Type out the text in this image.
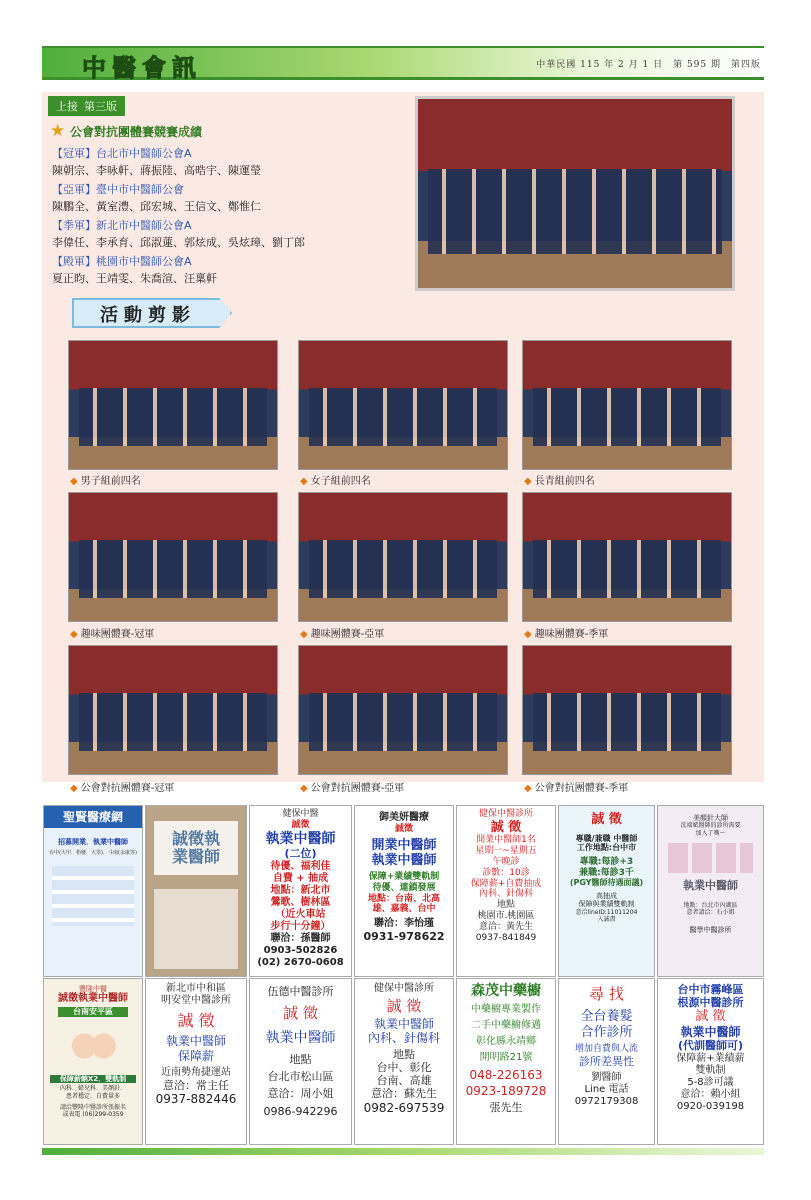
中醫會訊	中華民國 115 年 2 月 1 日　第 595 期　第四版
上接 第三版
★ 公會對抗團體賽競賽成績
【冠軍】台北市中醫師公會A
陳朝宗、李咏軒、蔣振陸、高晧宇、陳運瑩
【亞軍】臺中市中醫師公會
陳鵬全、黃室澧、邱宏城、王信文、鄭惟仁
【季軍】新北市中醫師公會A
李偉任、李承育、邱淑蓮、郭炫成、吳炫璋、劉丁郎
【殿軍】桃園市中醫師公會A
夏正昀、王靖雯、朱喬渲、汪稟軒
活動剪影
◆ 男子組前四名	◆ 女子組前四名	◆ 長青組前四名
◆ 趣味團體賽-冠軍	◆ 趣味團體賽-亞軍	◆ 趣味團體賽-季軍
◆ 公會對抗團體賽-冠軍	◆ 公會對抗團體賽-亞軍	◆ 公會對抗團體賽-季軍
聖賢醫療網
招募開業．執業中醫師
台中(大甲．梧棲．大里)．斗南(永康等)
誠徵執業醫師
健保中醫
誠徵
執業中醫師
(二位)
待優、福利佳
自費 + 抽成
地點：新北市
鶯歌、樹林區
（近火車站
步行十分鐘）
聯洽：孫醫師
0903-502826
(02) 2670-0608
御美妍醫療
誠徵
開業中醫師
執業中醫師
保障+業績雙軌制
待優、連鎖發展
地點：台南、北高
雄、嘉義、台中
聯洽：李怡瑾
0931-978622
健保中醫診所
誠 徵
開業中醫師1名
星期一~星期五
午晚診
診數：10診
保障薪+自費抽成
內科、針傷科
地點
桃園市.桃園區
意洽：黃先生
0937-841849
誠 徵
專職/兼職 中醫師
工作地點:台中市
專職:每診+3
兼職:每診3千
(PGY醫師待遇面議)
高抽成
保障與業績雙軌制
意洽lineID:11011204
入誠盡
美顏針大師
沈端斌醫師的診所需要
加入了嗎～
執業中醫師
地點：台北市內湖區
意者請洽：石小姐
醫學中醫診所
豐隆中醫
誠徵執業中醫師
台南安平區
保障薪餉X2．雙軌制
內科．婦兒科．美顏針．
患者穩定．自費量多
請洽豐隆中醫診所張振名
或表電 (06)299-0359
新北市中和區
明安堂中醫診所
誠 徵
執業中醫師
保障薪
近南勢角捷運站
意洽：常主任
0937-882446
伍德中醫診所
誠 徵
執業中醫師
地點
台北市松山區
意洽：周小姐
0986-942296
健保中醫診所
誠 徵
執業中醫師
內科、針傷科
地點
台中、彰化
台南、高雄
意洽：蘇先生
0982-697539
森茂中藥櫥
中藥櫥專業製作
二手中藥櫥修邁
彰化縣永靖鄉
開明路21號
048-226163
0923-189728
張先生
尋 找
全台養髮
合作診所
增加自費與人流
診所差異性
劉醫師
Line 電話
0972179308
台中市霧峰區
根源中醫診所
誠 徵
執業中醫師
(代訓醫師可)
保障薪+業績薪
雙軌制
5-8診可議
意洽：賴小組
0920-039198
